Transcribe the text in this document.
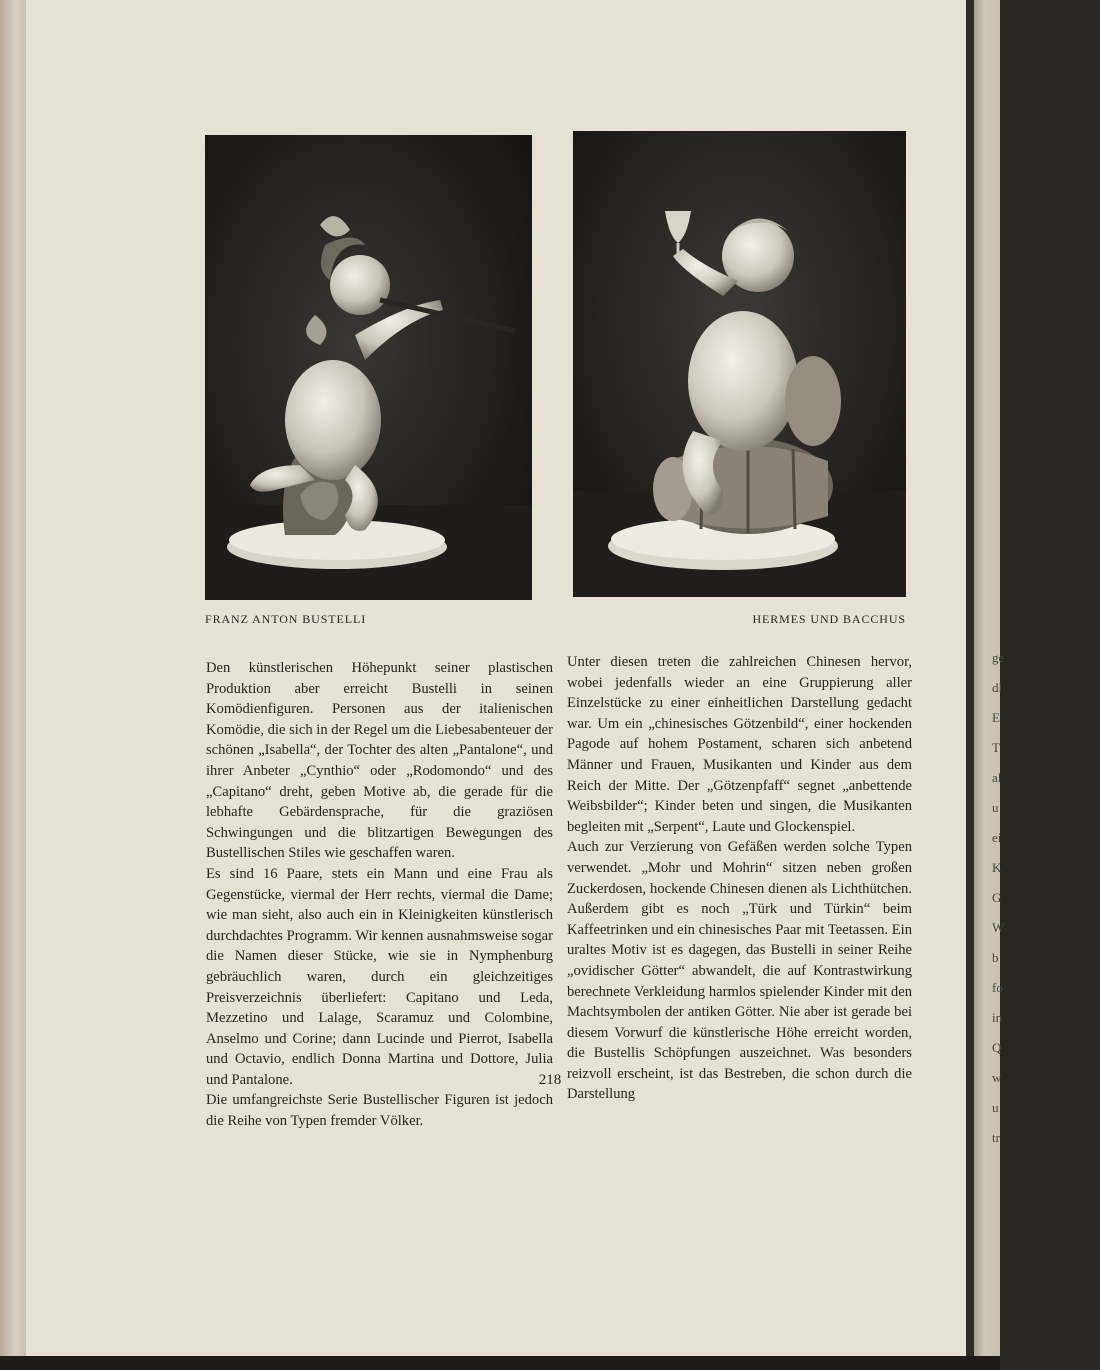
ge
dl
E
T
al
u
ei
K
G
W
b
fo
in
Q
w
u
tr
FRANZ ANTON BUSTELLI	HERMES UND BACCHUS

Den künstlerischen Höhepunkt seiner plastischen Produktion aber erreicht Bustelli in seinen Komödienfiguren. Personen aus der italienischen Komödie, die sich in der Regel um die Liebesabenteuer der schönen „Isabella“, der Tochter des alten „Pantalone“, und ihrer Anbeter „Cynthio“ oder „Rodomondo“ und des „Capitano“ dreht, geben Motive ab, die gerade für die lebhafte Gebärdensprache, für die graziösen Schwingungen und die blitzartigen Bewegungen des Bustellischen Stiles wie geschaffen waren.

Es sind 16 Paare, stets ein Mann und eine Frau als Gegenstücke, viermal der Herr rechts, viermal die Dame; wie man sieht, also auch ein in Kleinigkeiten künstlerisch durchdachtes Programm. Wir kennen ausnahmsweise sogar die Namen dieser Stücke, wie sie in Nymphenburg gebräuchlich waren, durch ein gleichzeitiges Preisverzeichnis überliefert: Capitano und Leda, Mezzetino und Lalage, Scaramuz und Colombine, Anselmo und Corine; dann Lucinde und Pierrot, Isabella und Octavio, endlich Donna Martina und Dottore, Julia und Pantalone.

Die umfangreichste Serie Bustellischer Figuren ist jedoch die Reihe von Typen fremder Völker.

Unter diesen treten die zahlreichen Chinesen hervor, wobei jedenfalls wieder an eine Gruppierung aller Einzelstücke zu einer einheitlichen Darstellung gedacht war. Um ein „chinesisches Götzenbild“, einer hockenden Pagode auf hohem Postament, scharen sich anbetend Männer und Frauen, Musikanten und Kinder aus dem Reich der Mitte. Der „Götzenpfaff“ segnet „anbettende Weibsbilder“; Kinder beten und singen, die Musikanten begleiten mit „Serpent“, Laute und Glockenspiel.

Auch zur Verzierung von Gefäßen werden solche Typen verwendet. „Mohr und Mohrin“ sitzen neben großen Zuckerdosen, hockende Chinesen dienen als Lichthütchen. Außerdem gibt es noch „Türk und Türkin“ beim Kaffeetrinken und ein chinesisches Paar mit Teetassen. Ein uraltes Motiv ist es dagegen, das Bustelli in seiner Reihe „ovidischer Götter“ abwandelt, die auf Kontrastwirkung berechnete Verkleidung harmlos spielender Kinder mit den Machtsymbolen der antiken Götter. Nie aber ist gerade bei diesem Vorwurf die künstlerische Höhe erreicht worden, die Bustellis Schöpfungen auszeichnet. Was besonders reizvoll erscheint, ist das Bestreben, die schon durch die Darstellung

218
